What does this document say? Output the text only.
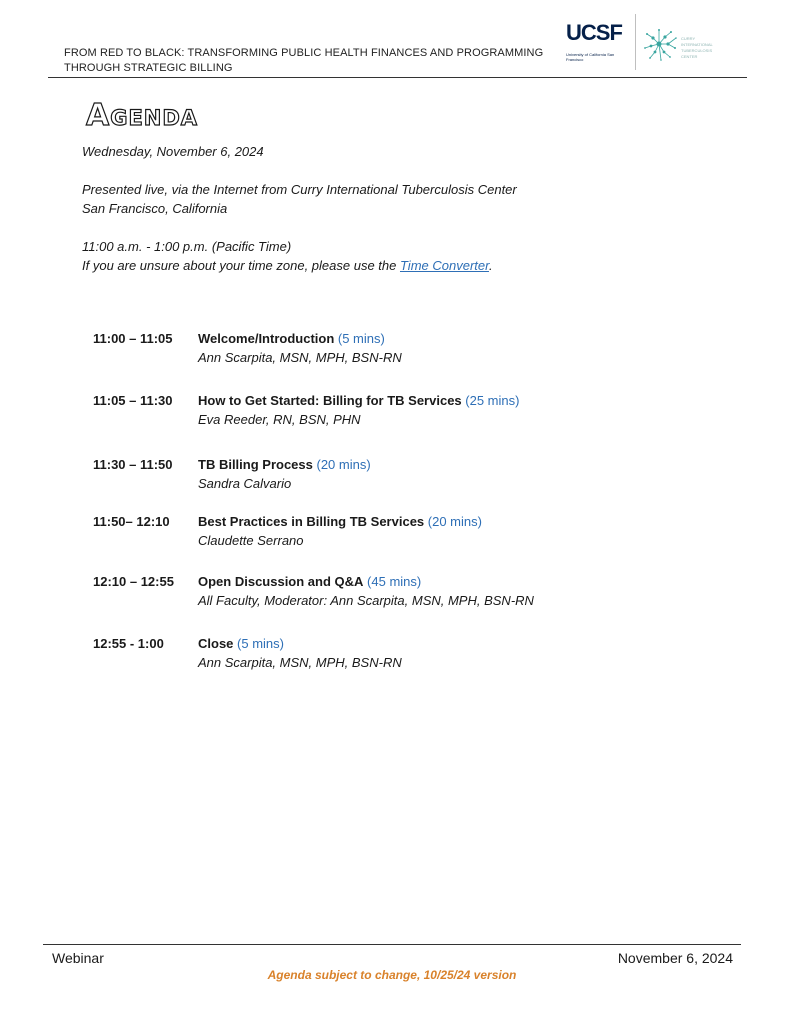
FROM RED TO BLACK: TRANSFORMING PUBLIC HEALTH FINANCES AND PROGRAMMING THROUGH STRATEGIC BILLING
UCSF
University of California San Francisco
CURRY INTERNATIONAL TUBERCULOSIS CENTER
Agenda
Wednesday, November 6, 2024
Presented live, via the Internet from Curry International Tuberculosis Center
San Francisco, California
11:00 a.m. - 1:00 p.m. (Pacific Time)
If you are unsure about your time zone, please use the Time Converter.
11:00 – 11:05 Welcome/Introduction (5 mins)
Ann Scarpita, MSN, MPH, BSN-RN
11:05 – 11:30 How to Get Started: Billing for TB Services (25 mins)
Eva Reeder, RN, BSN, PHN
11:30 – 11:50 TB Billing Process (20 mins)
Sandra Calvario
11:50– 12:10 Best Practices in Billing TB Services (20 mins)
Claudette Serrano
12:10 – 12:55 Open Discussion and Q&A (45 mins)
All Faculty, Moderator: Ann Scarpita, MSN, MPH, BSN-RN
12:55 - 1:00	Close (5 mins)
Ann Scarpita, MSN, MPH, BSN-RN
Webinar	November 6, 2024
Agenda subject to change, 10/25/24 version
